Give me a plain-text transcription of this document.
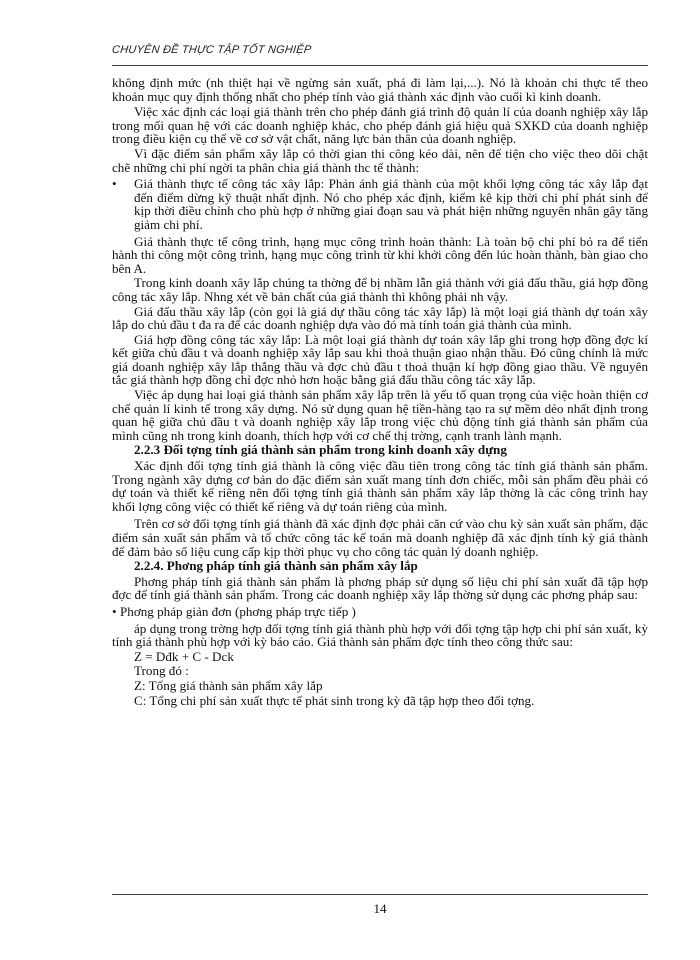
CHUYÊN ĐỀ THỰC TẬP TỐT NGHIỆP

không định mức (nh thiệt hại về ngừng sản xuất, phá đi làm lại,...). Nó là khoản chi thực tế theo khoản mục quy định thống nhất cho phép tính vào giá thành xác định vào cuối kì kinh doanh.

Việc xác định các loại giá thành trên cho phép đánh giá trình độ quản lí của doanh nghiệp xây lắp trong mối quan hệ với các doanh nghiệp khác, cho phép đánh giá hiệu quả SXKD của doanh nghiệp trong điều kiện cụ thể về cơ sở vật chất, năng lực bản thân của doanh nghiệp.

Vì đặc điểm sản phẩm xây lắp có thời gian thi công kéo dài, nên để tiện cho việc theo dõi chặt chẽ những chi phí ngời ta phân chia giá thành thc tế thành:

•	Giá thành thực tế công tác xây lắp: Phản ánh giá thành của một khối lợng công tác xây lắp đạt đến điểm dừng kỹ thuật nhất định. Nó cho phép xác định, kiểm kê kịp thời chi phí phát sinh để kịp thời điều chỉnh cho phù hợp ở những giai đoạn sau và phát hiện những nguyên nhân gây tăng giảm chi phí.

Giá thành thực tế công trình, hạng mục công trình hoàn thành: Là toàn bộ chi phí bỏ ra để tiến hành thi công một công trình, hạng mục công trình từ khi khởi công đến lúc hoàn thành, bàn giao cho bên A.

Trong kinh doanh xây lắp chúng ta thờng để bị nhầm lẫn giá thành với giá đấu thầu, giá hợp đồng công tác xây lắp. Nhng xét về bản chất của giá thành thì không phải nh vậy.

Giá đấu thầu xây lắp (còn gọi là giá dự thầu công tác xây lắp) là một loại giá thành dự toán xây lắp do chủ đầu t đa ra để các doanh nghiệp dựa vào đó mà tính toán giá thành của mình.

Giá hợp đồng công tác xây lắp: Là một loại giá thành dự toán xây lắp ghi trong hợp đồng đợc kí kết giữa chủ đầu t và doanh nghiệp xây lắp sau khi thoả thuận giao nhận thầu. Đó cũng chính là mức giá doanh nghiệp xây lắp thắng thầu và đợc chủ đầu t thoả thuận kí hợp đồng giao thầu. Về nguyên tắc giá thành hợp đồng chỉ đợc nhỏ hơn hoặc bằng giá đấu thầu công tác xây lắp.

Việc áp dụng hai loại giá thành sản phẩm xây lắp trên là yếu tố quan trọng của việc hoàn thiện cơ chế quản lí kinh tế trong xây dựng. Nó sử dụng quan hệ tiền-hàng tạo ra sự mềm dẻo nhất định trong quan hệ giữa chủ đầu t và doanh nghiệp xây lắp trong việc chủ động tính giá thành sản phẩm của mình cũng nh trong kinh doanh, thích hợp với cơ chế thị trờng, cạnh tranh lành mạnh.

2.2.3 Đối tợng tính giá thành sản phẩm trong kinh doanh xây dựng

Xác định đối tợng tính giá thành là công việc đầu tiên trong công tác tính giá thành sản phẩm. Trong ngành xây dựng cơ bản do đặc điểm sản xuất mang tính đơn chiếc, mỗi sản phẩm đều phải có dự toán và thiết kế riêng nên đối tợng tính giá thành sản phẩm xây lắp thờng là các công trình hay khối lợng công việc có thiết kế riêng và dự toán riêng của mình.

Trên cơ sở đối tợng tính giá thành đã xác định đợc phải căn cứ vào chu kỳ sản xuất sản phẩm, đặc điểm sản xuất sản phẩm và tổ chức công tác kế toán mà doanh nghiệp đã xác định tính kỳ giá thành để đảm bảo số liệu cung cấp kịp thời phục vụ cho công tác quản lý doanh nghiệp.

2.2.4. Phơng pháp tính giá thành sản phẩm xây lắp

Phơng pháp tính giá thành sản phẩm là phơng pháp sử dụng số liệu chi phí sản xuất đã tập hợp đợc để tính giá thành sản phẩm. Trong các doanh nghiệp xây lắp thờng sử dụng các phơng pháp sau:

• Phơng pháp giản đơn (phơng pháp trực tiếp )

áp dụng trong trờng hợp đối tợng tính giá thành phù hợp với đối tợng tập hợp chi phí sản xuất, kỳ tính giá thành phù hợp với kỳ báo cáo. Giá thành sản phẩm đợc tính theo công thức sau:

Z = Dđk + C - Dck

Trong đó :

Z: Tổng giá thành sản phẩm xây lắp

C: Tổng chi phí sản xuất thực tế phát sinh trong kỳ đã tập hợp theo đối tợng.

14
